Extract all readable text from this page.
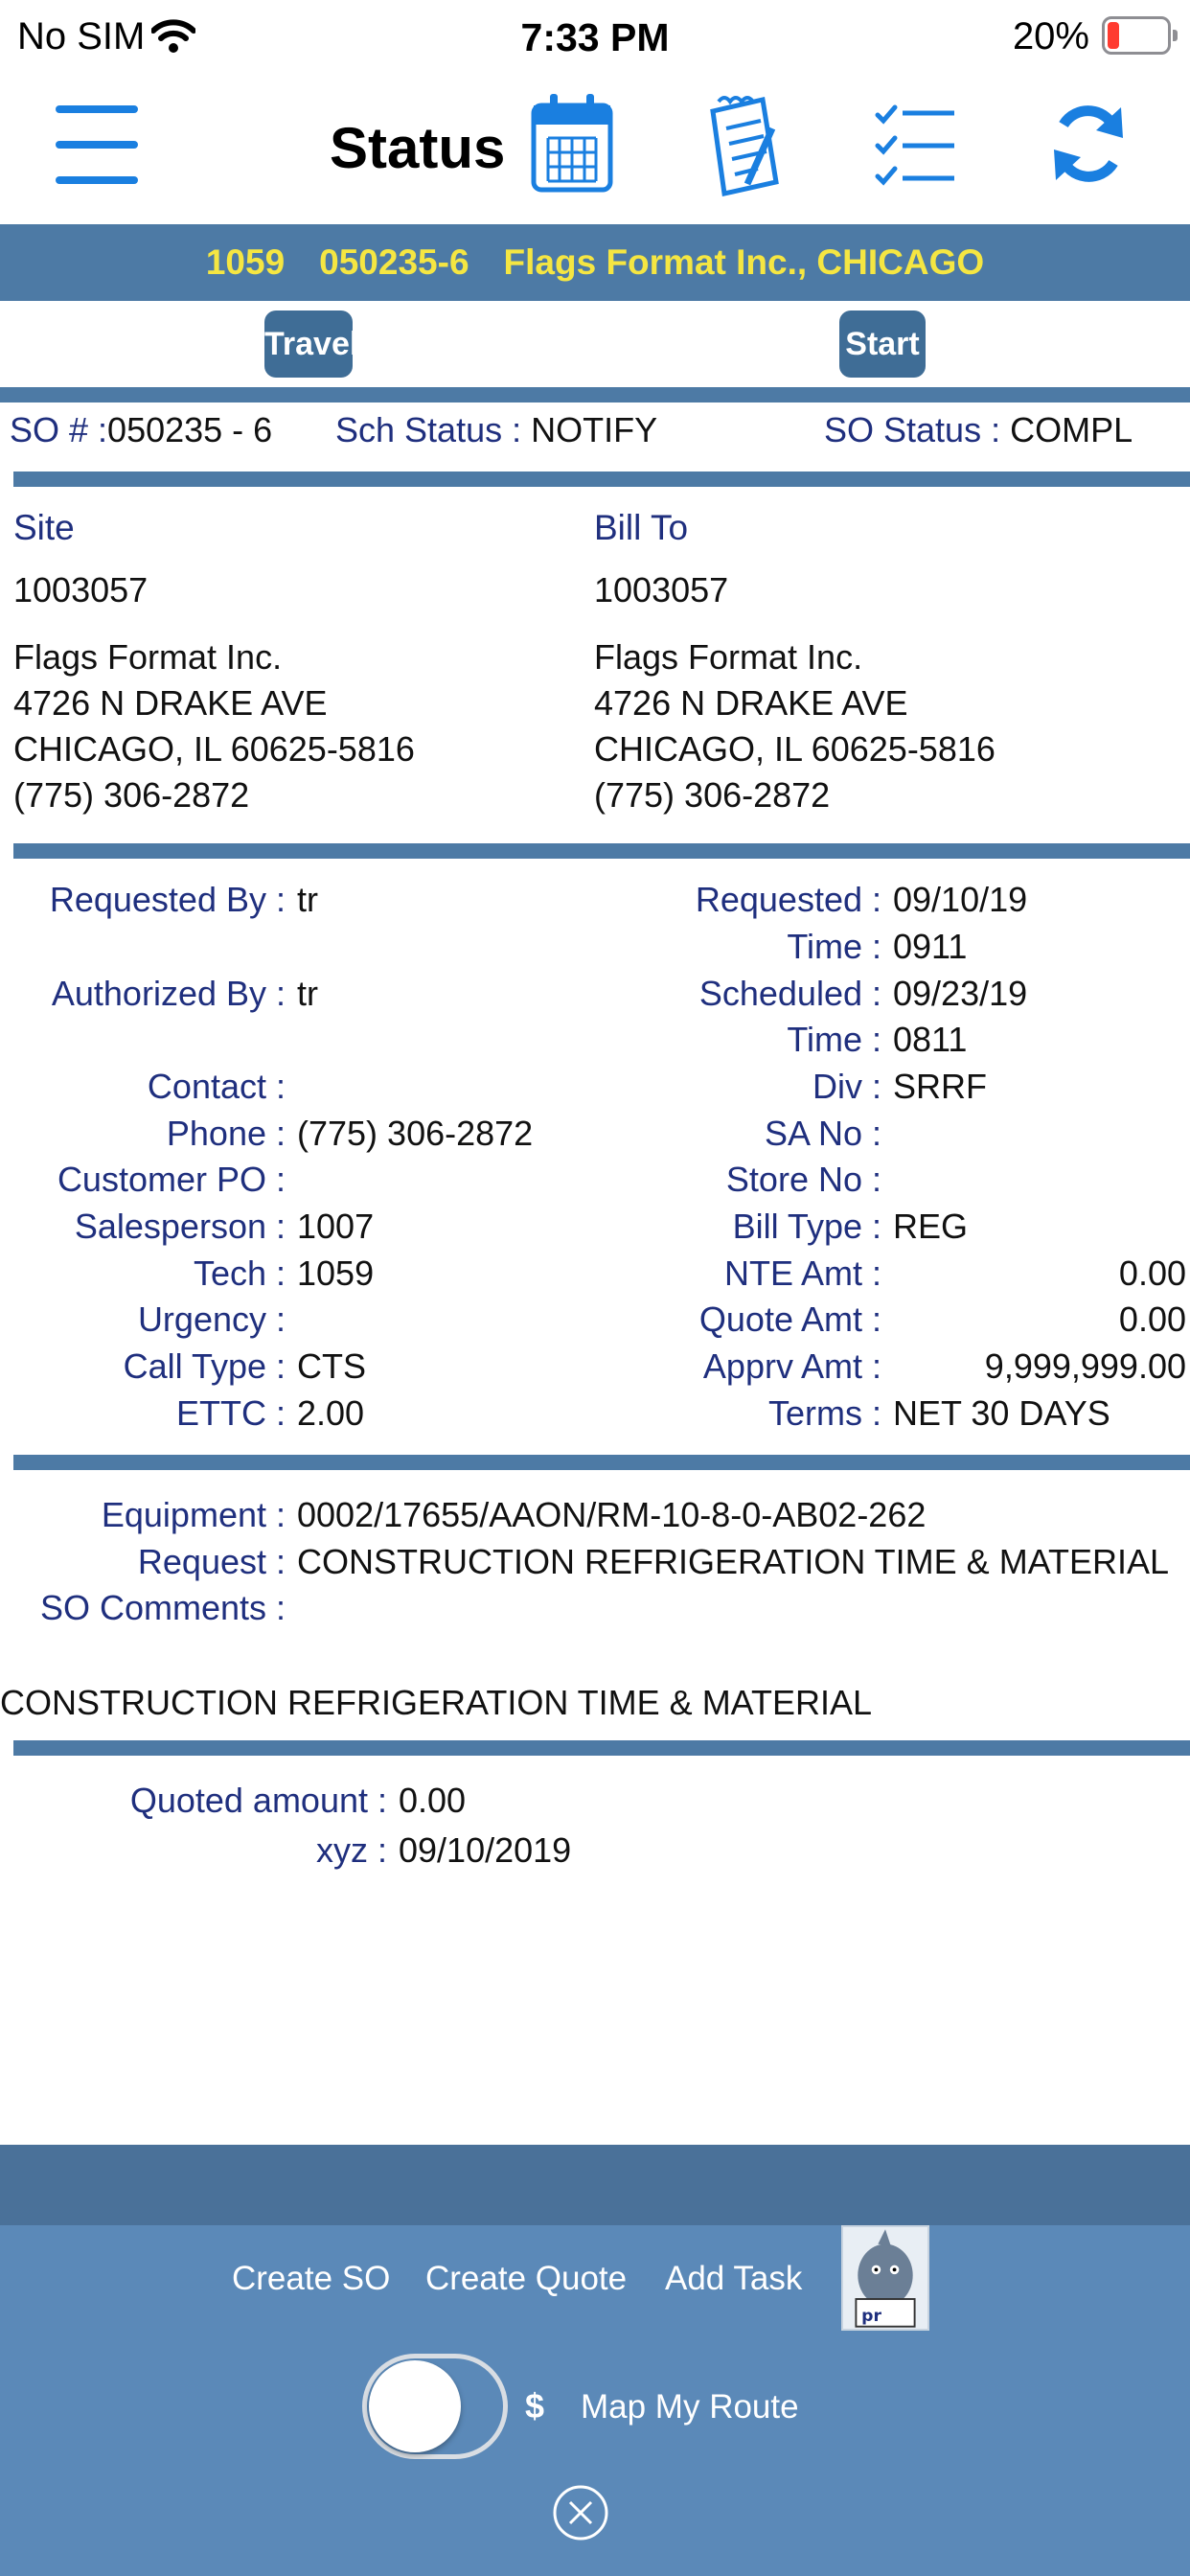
No SIM	7:33 PM	20%
Status
1059 050235-6 Flags Format Inc., CHICAGO
Travel	Start
SO # :050235 - 6 Sch Status : NOTIFY	SO Status : COMPL
Site
1003057
Flags Format Inc.
4726 N DRAKE AVE
CHICAGO, IL 60625-5816
(775) 306-2872
Bill To
1003057
Flags Format Inc.
4726 N DRAKE AVE
CHICAGO, IL 60625-5816
(775) 306-2872
Requested By : tr
Authorized By : tr
Contact :
Phone : (775) 306-2872
Customer PO :
Salesperson : 1007
Tech : 1059
Urgency :
Call Type : CTS
ETTC : 2.00
Requested : 09/10/19
Time : 0911
Scheduled : 09/23/19
Time : 0811
Div : SRRF
SA No :
Store No :
Bill Type : REG
NTE Amt :	0.00
Quote Amt :	0.00
Apprv Amt :	9,999,999.00
Terms : NET 30 DAYS
Equipment : 0002/17655/AAON/RM-10-8-0-AB02-262
Request : CONSTRUCTION REFRIGERATION TIME & MATERIAL
SO Comments :
CONSTRUCTION REFRIGERATION TIME & MATERIAL
Quoted amount : 0.00
xyz : 09/10/2019
Create SO Create Quote Add Task
pr
$ Map My Route
